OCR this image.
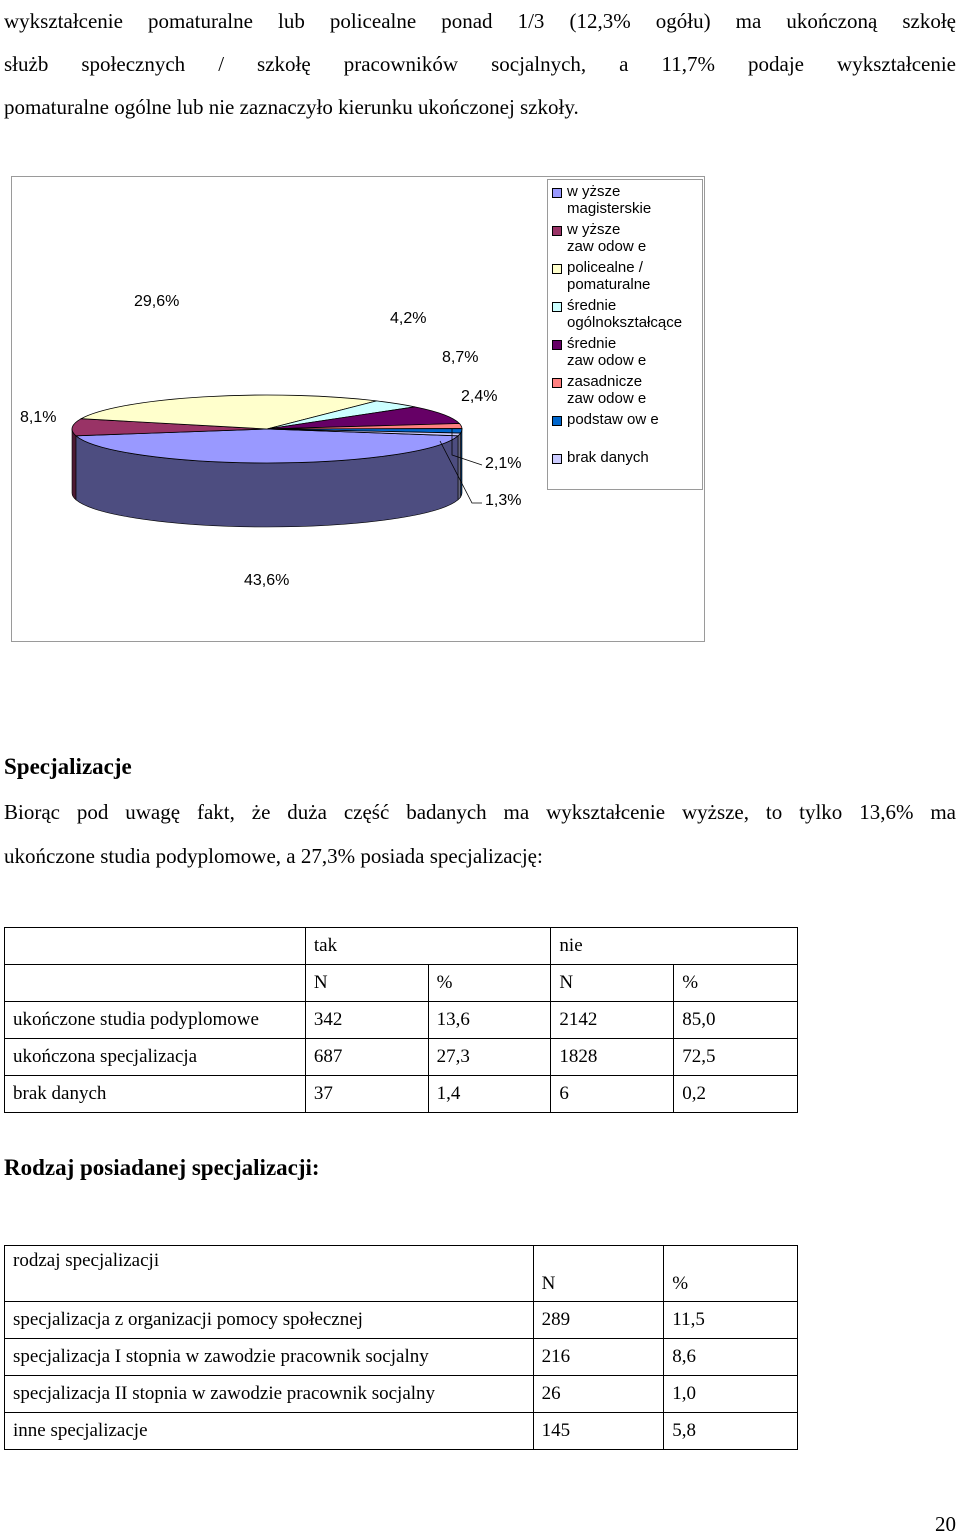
wykształcenie pomaturalne lub policealne ponad 1/3 (12,3% ogółu) ma ukończoną szkołę
służb społecznych / szkołę pracowników socjalnych, a 11,7% podaje wykształcenie
pomaturalne ogólne lub nie zaznaczyło kierunku ukończonej szkoły.

w yższe
magisterskie
w yższe
zaw odow e
policealne /
pomaturalne
średnie
ogólnokształcące
średnie
zaw odow e
zasadnicze
zaw odow e
podstaw ow e
brak danych
43,6%
8,1%
29,6%
4,2%
8,7%
2,4%
2,1%
1,3%
Specjalizacje

Biorąc pod uwagę fakt, że duża część badanych ma wykształcenie wyższe, to tylko 13,6% ma
ukończone studia podyplomowe, a 27,3% posiada specjalizację:

	tak		nie	
	N	%	N	%
ukończone studia podyplomowe	342	13,6	2142	85,0
ukończona specjalizacja	687	27,3	1828	72,5
brak danych	37	1,4	6	0,2
Rodzaj posiadanej specjalizacji:
rodzaj specjalizacji	N	%
specjalizacja z organizacji pomocy społecznej	289	11,5
specjalizacja I stopnia w zawodzie pracownik socjalny	216	8,6
specjalizacja II stopnia w zawodzie pracownik socjalny	26	1,0
inne specjalizacje	145	5,8
20
